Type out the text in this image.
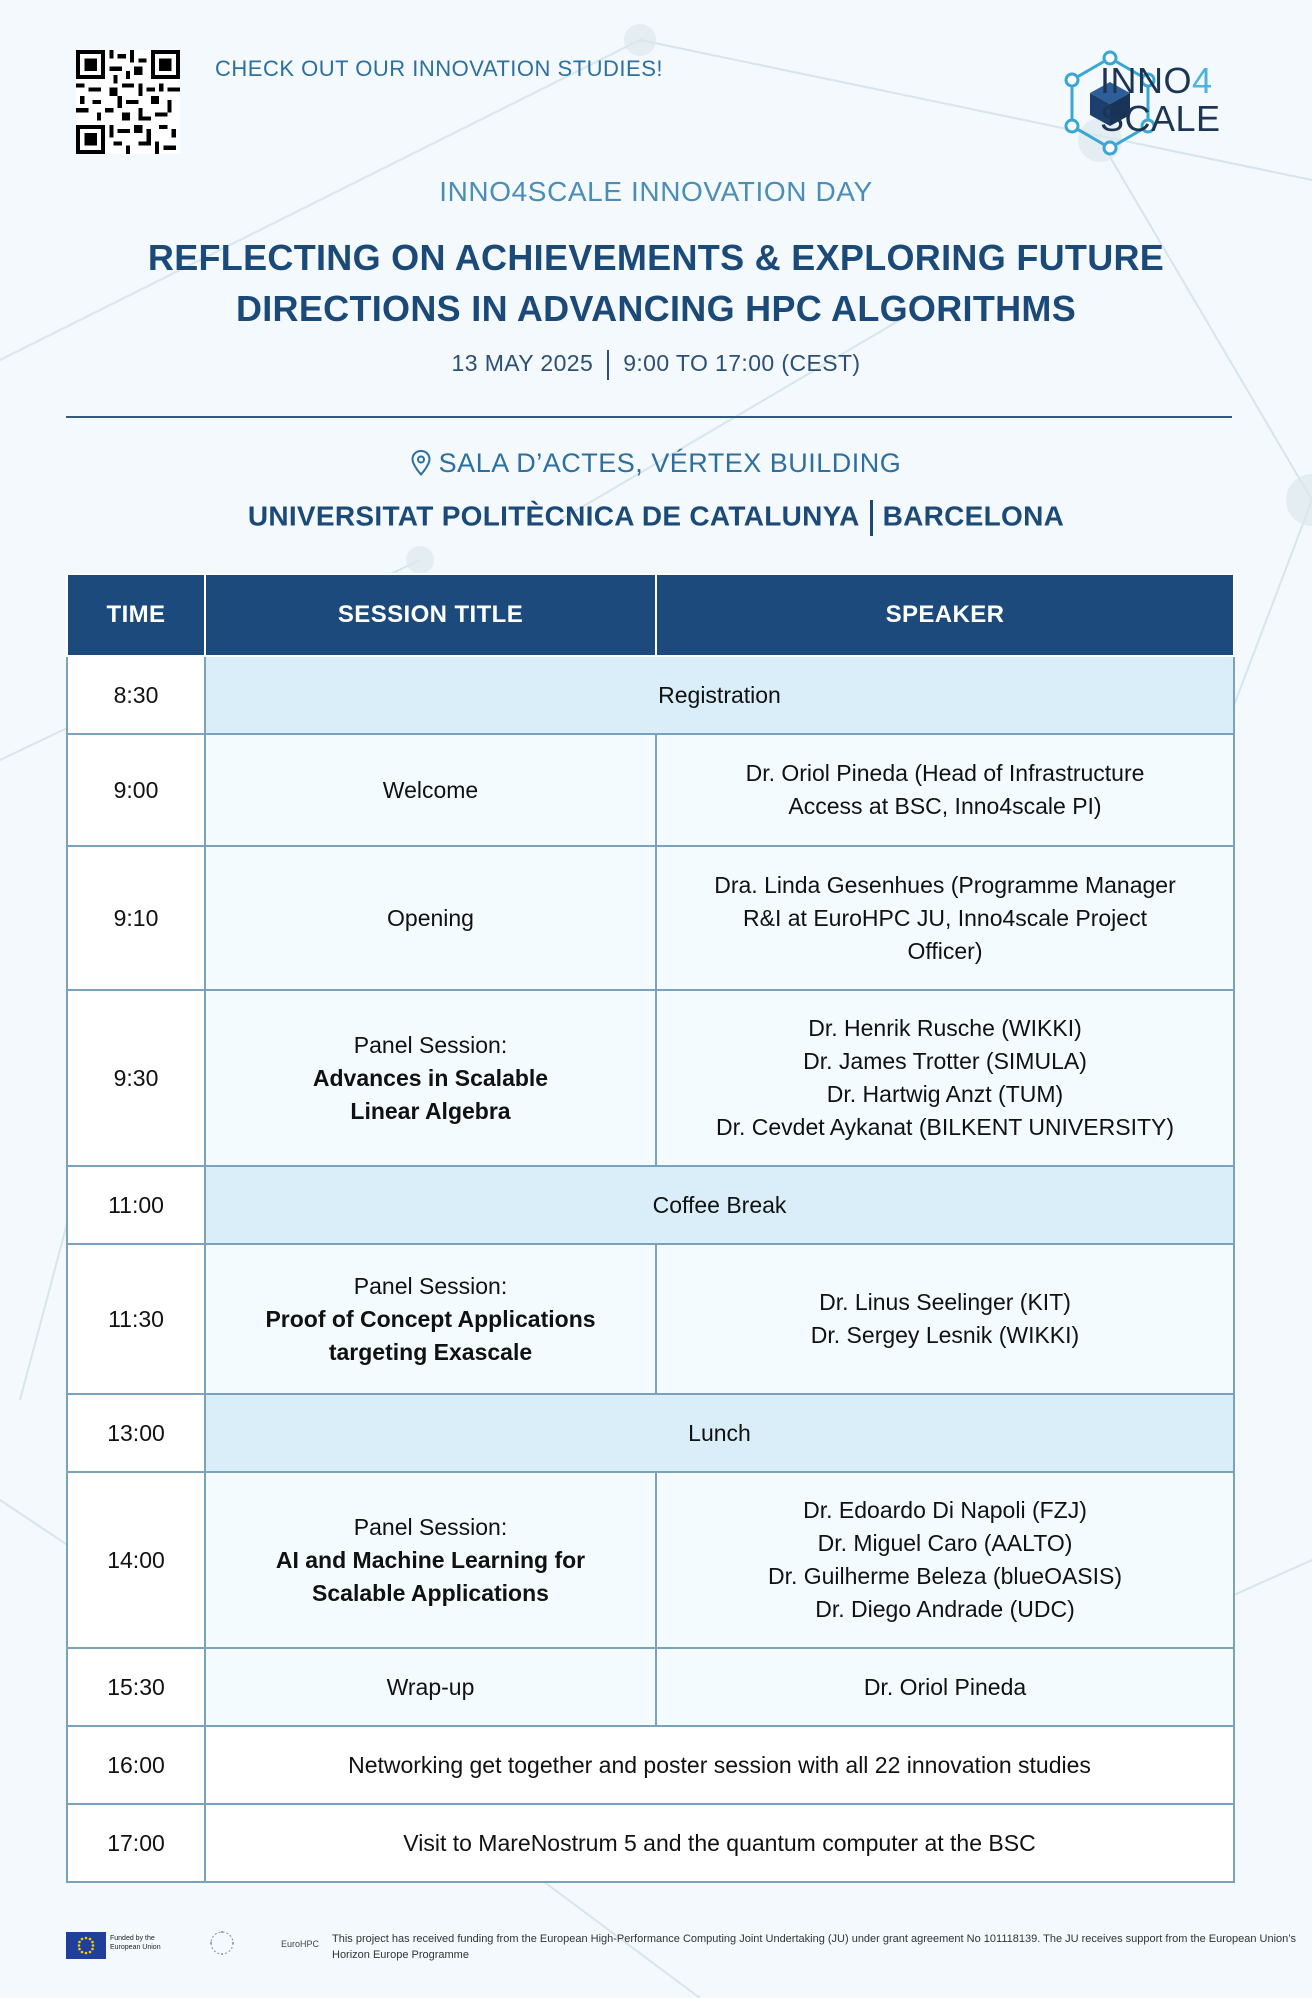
CHECK OUT OUR INNOVATION STUDIES!	INNO4
SCALE
INNO4SCALE INNOVATION DAY
REFLECTING ON ACHIEVEMENTS & EXPLORING FUTURE
DIRECTIONS IN ADVANCING HPC ALGORITHMS
13 MAY 2025 9:00 TO 17:00 (CEST)
SALA D’ACTES, VÉRTEX BUILDING
UNIVERSITAT POLITÈCNICA DE CATALUNYA BARCELONA
TIME	SESSION TITLE	SPEAKER
8:30	Registration	
9:00	Welcome	Dr. Oriol Pineda (Head of Infrastructure
Access at BSC, Inno4scale PI)
9:10	Opening	Dra. Linda Gesenhues (Programme Manager
R&I at EuroHPC JU, Inno4scale Project
Officer)
9:30	Panel Session:
Advances in Scalable
Linear Algebra	Dr. Henrik Rusche (WIKKI)
Dr. James Trotter (SIMULA)
Dr. Hartwig Anzt (TUM)
Dr. Cevdet Aykanat (BILKENT UNIVERSITY)
11:00	Coffee Break	
11:30	Panel Session:
Proof of Concept Applications
targeting Exascale	Dr. Linus Seelinger (KIT)
Dr. Sergey Lesnik (WIKKI)
13:00	Lunch	
14:00	Panel Session:
AI and Machine Learning for
Scalable Applications	Dr. Edoardo Di Napoli (FZJ)
Dr. Miguel Caro (AALTO)
Dr. Guilherme Beleza (blueOASIS)
Dr. Diego Andrade (UDC)
15:30	Wrap-up	Dr. Oriol Pineda
16:00	Networking get together and poster session with all 22 innovation studies	
17:00	Visit to MareNostrum 5 and the quantum computer at the BSC	
Funded by the European Union	EuroHPC This project has received funding from the European High-Performance Computing Joint Undertaking (JU) under grant agreement No 101118139. The JU receives support from the European Union’s Horizon Europe Programme
